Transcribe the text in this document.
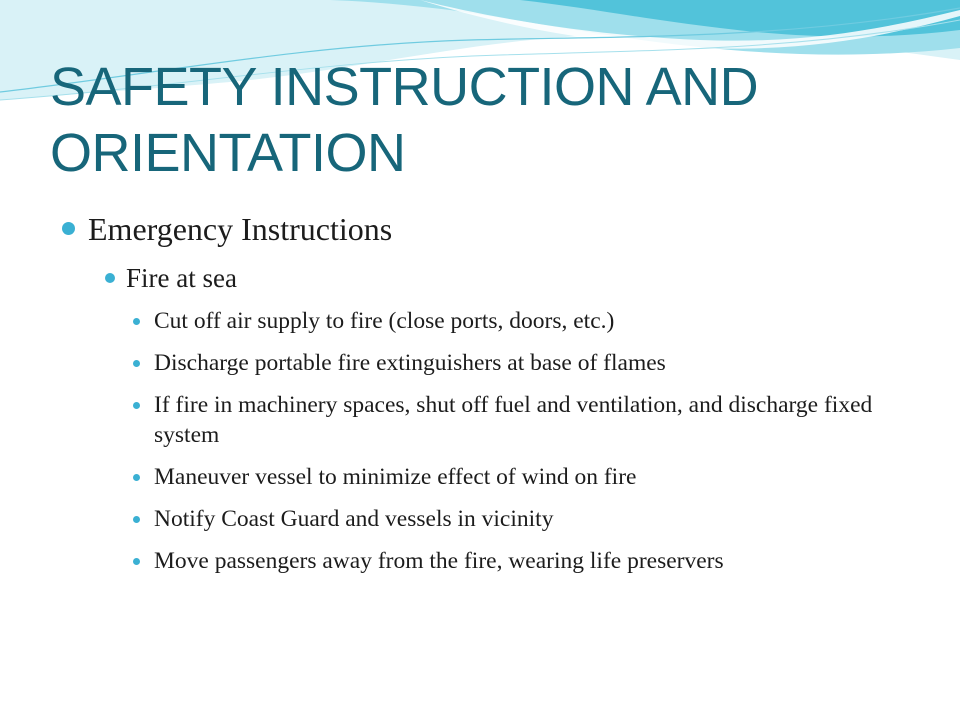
SAFETY INSTRUCTION AND ORIENTATION
Emergency Instructions
Fire at sea
Cut off air supply to fire (close ports, doors, etc.)
Discharge portable fire extinguishers at base of flames
If fire in machinery spaces, shut off fuel and ventilation, and discharge fixed system
Maneuver vessel to minimize effect of wind on fire
Notify Coast Guard and vessels in vicinity
Move passengers away from the fire, wearing life preservers
